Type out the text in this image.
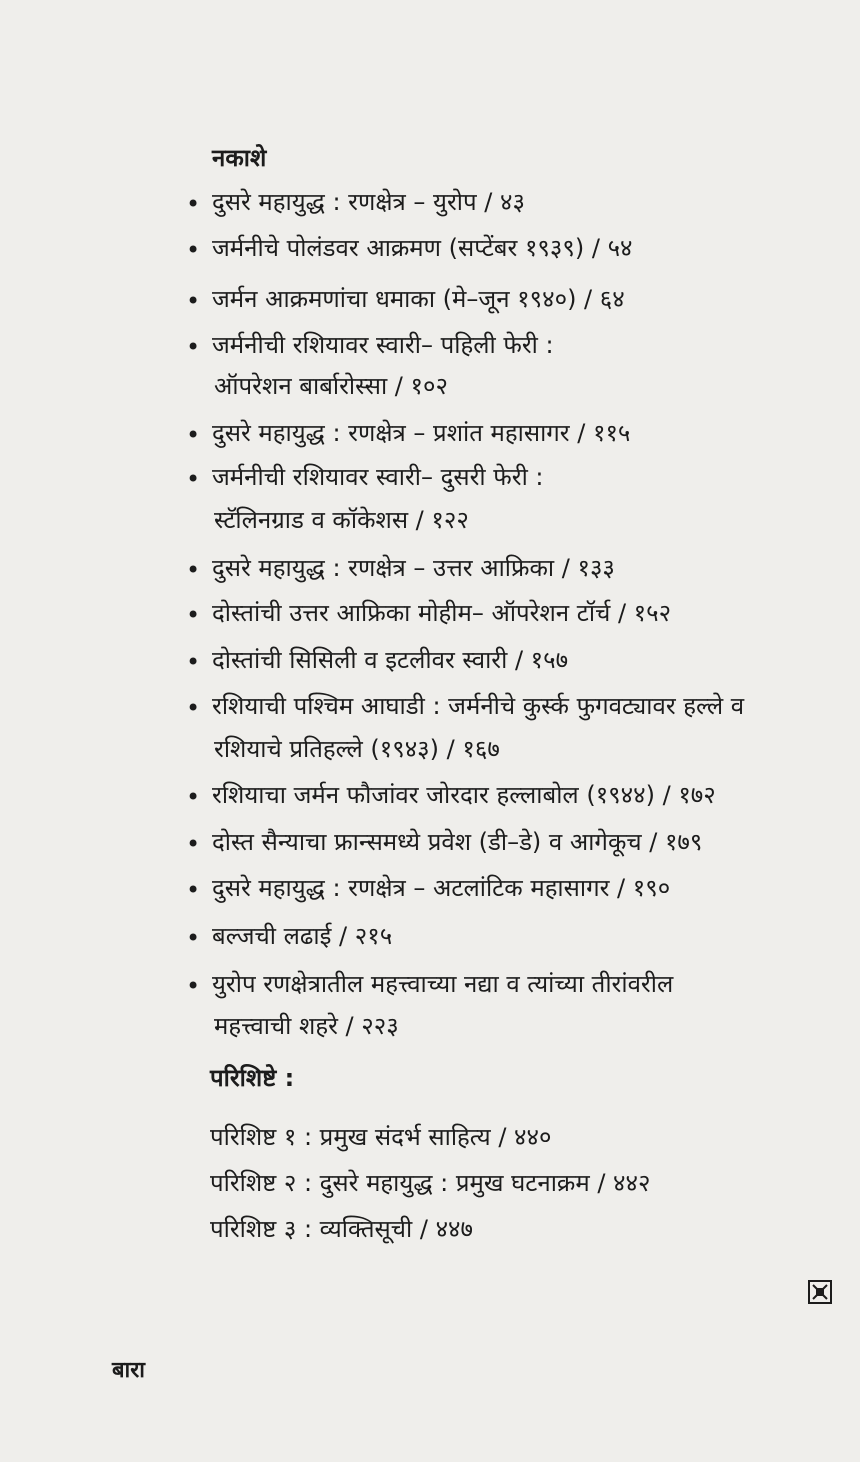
नकाशे
• दुसरे महायुद्ध : रणक्षेत्र – युरोप / ४३
• जर्मनीचे पोलंडवर आक्रमण (सप्टेंबर १९३९) / ५४
• जर्मन आक्रमणांचा धमाका (मे–जून १९४०) / ६४
• जर्मनीची रशियावर स्वारी– पहिली फेरी :
ऑपरेशन बार्बारोस्सा / १०२
• दुसरे महायुद्ध : रणक्षेत्र – प्रशांत महासागर / ११५
• जर्मनीची रशियावर स्वारी– दुसरी फेरी :
स्टॅलिनग्राड व कॉकेशस / १२२
• दुसरे महायुद्ध : रणक्षेत्र – उत्तर आफ्रिका / १३३
• दोस्तांची उत्तर आफ्रिका मोहीम– ऑपरेशन टॉर्च / १५२
• दोस्तांची सिसिली व इटलीवर स्वारी / १५७
• रशियाची पश्चिम आघाडी : जर्मनीचे कुर्स्क फुगवट्यावर हल्ले व
रशियाचे प्रतिहल्ले (१९४३) / १६७
• रशियाचा जर्मन फौजांवर जोरदार हल्लाबोल (१९४४) / १७२
• दोस्त सैन्याचा फ्रान्समध्ये प्रवेश (डी–डे) व आगेकूच / १७९
• दुसरे महायुद्ध : रणक्षेत्र – अटलांटिक महासागर / १९०
• बल्जची लढाई / २१५
• युरोप रणक्षेत्रातील महत्त्वाच्या नद्या व त्यांच्या तीरांवरील
महत्त्वाची शहरे / २२३
परिशिष्टे :
परिशिष्ट १ : प्रमुख संदर्भ साहित्य / ४४०
परिशिष्ट २ : दुसरे महायुद्ध : प्रमुख घटनाक्रम / ४४२
परिशिष्ट ३ : व्यक्तिसूची / ४४७
बारा
